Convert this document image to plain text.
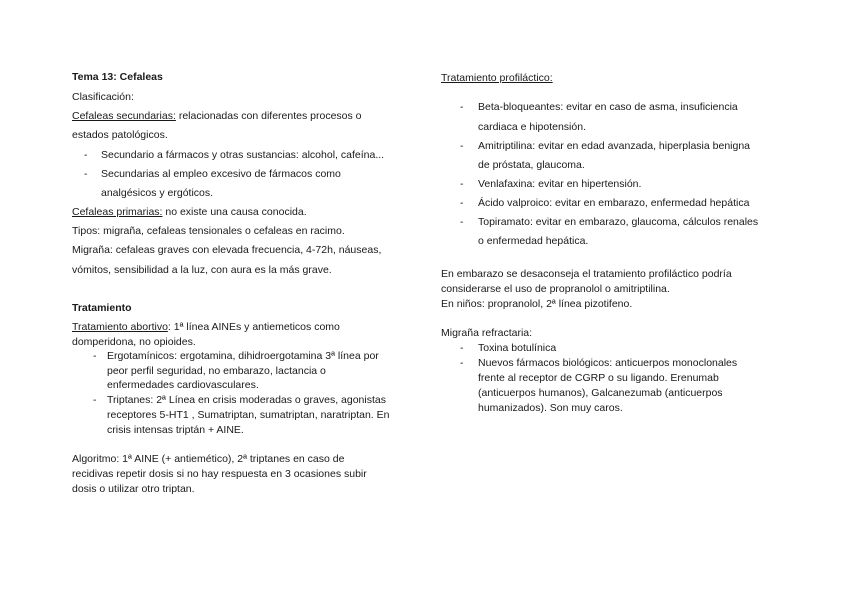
Tema 13: Cefaleas
Clasificación:
Cefaleas secundarias: relacionadas con diferentes procesos o
estados patológicos.
- Secundario a fármacos y otras sustancias: alcohol, cafeína...
- Secundarias al empleo excesivo de fármacos como
analgésicos y ergóticos.
Cefaleas primarias: no existe una causa conocida.
Tipos: migraña, cefaleas tensionales o cefaleas en racimo.
Migraña: cefaleas graves con elevada frecuencia, 4-72h, náuseas,
vómitos, sensibilidad a la luz, con aura es la más grave.
Tratamiento
Tratamiento abortivo: 1ª línea AINEs y antiemeticos como
domperidona, no opioides.
- Ergotamínicos: ergotamina, dihidroergotamina 3ª línea por
peor perfil seguridad, no embarazo, lactancia o
enfermedades cardiovasculares.
- Triptanes: 2ª Línea en crisis moderadas o graves, agonistas
receptores 5-HT1 , Sumatriptan, sumatriptan, naratriptan. En
crisis intensas triptán + AINE.
Algoritmo: 1ª AINE (+ antiemético), 2ª triptanes en caso de
recidivas repetir dosis si no hay respuesta en 3 ocasiones subir
dosis o utilizar otro triptan.
Tratamiento profiláctico:
- Beta-bloqueantes: evitar en caso de asma, insuficiencia
cardiaca e hipotensión.
- Amitriptilina: evitar en edad avanzada, hiperplasia benigna
de próstata, glaucoma.
- Venlafaxina: evitar en hipertensión.
- Ácido valproico: evitar en embarazo, enfermedad hepática
- Topiramato: evitar en embarazo, glaucoma, cálculos renales
o enfermedad hepática.
En embarazo se desaconseja el tratamiento profiláctico podría
considerarse el uso de propranolol o amitriptilina.
En niños: propranolol, 2ª línea pizotifeno.
Migraña refractaria:
- Toxina botulínica
- Nuevos fármacos biológicos: anticuerpos monoclonales
frente al receptor de CGRP o su ligando. Erenumab
(anticuerpos humanos), Galcanezumab (anticuerpos
humanizados). Son muy caros.
